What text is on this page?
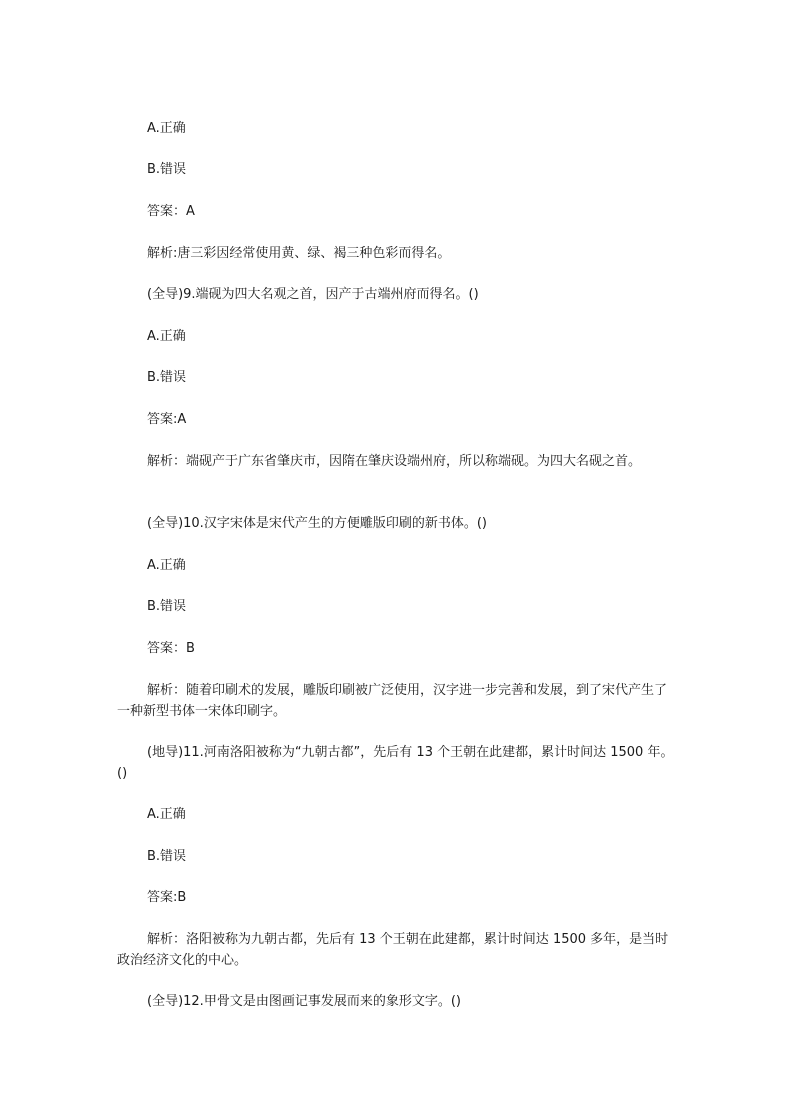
A.正确
B.错误
答案：A
解析:唐三彩因经常使用黄、绿、褐三种色彩而得名。
(全导)9.端砚为四大名观之首，因产于古端州府而得名。()
A.正确
B.错误
答案:A
解析：端砚产于广东省肇庆市，因隋在肇庆设端州府，所以称端砚。为四大名砚之首。
(全导)10.汉字宋体是宋代产生的方便雕版印刷的新书体。()
A.正确
B.错误
答案：B
解析：随着印刷术的发展，雕版印刷被广泛使用，汉字进一步完善和发展，到了宋代产生了一种新型书体一宋体印刷字。
(地导)11.河南洛阳被称为“九朝古都”，先后有 13 个王朝在此建都，累计时间达 1500 年。()
A.正确
B.错误
答案:B
解析：洛阳被称为九朝古都，先后有 13 个王朝在此建都，累计时间达 1500 多年，是当时政治经济文化的中心。
(全导)12.甲骨文是由图画记事发展而来的象形文字。()
